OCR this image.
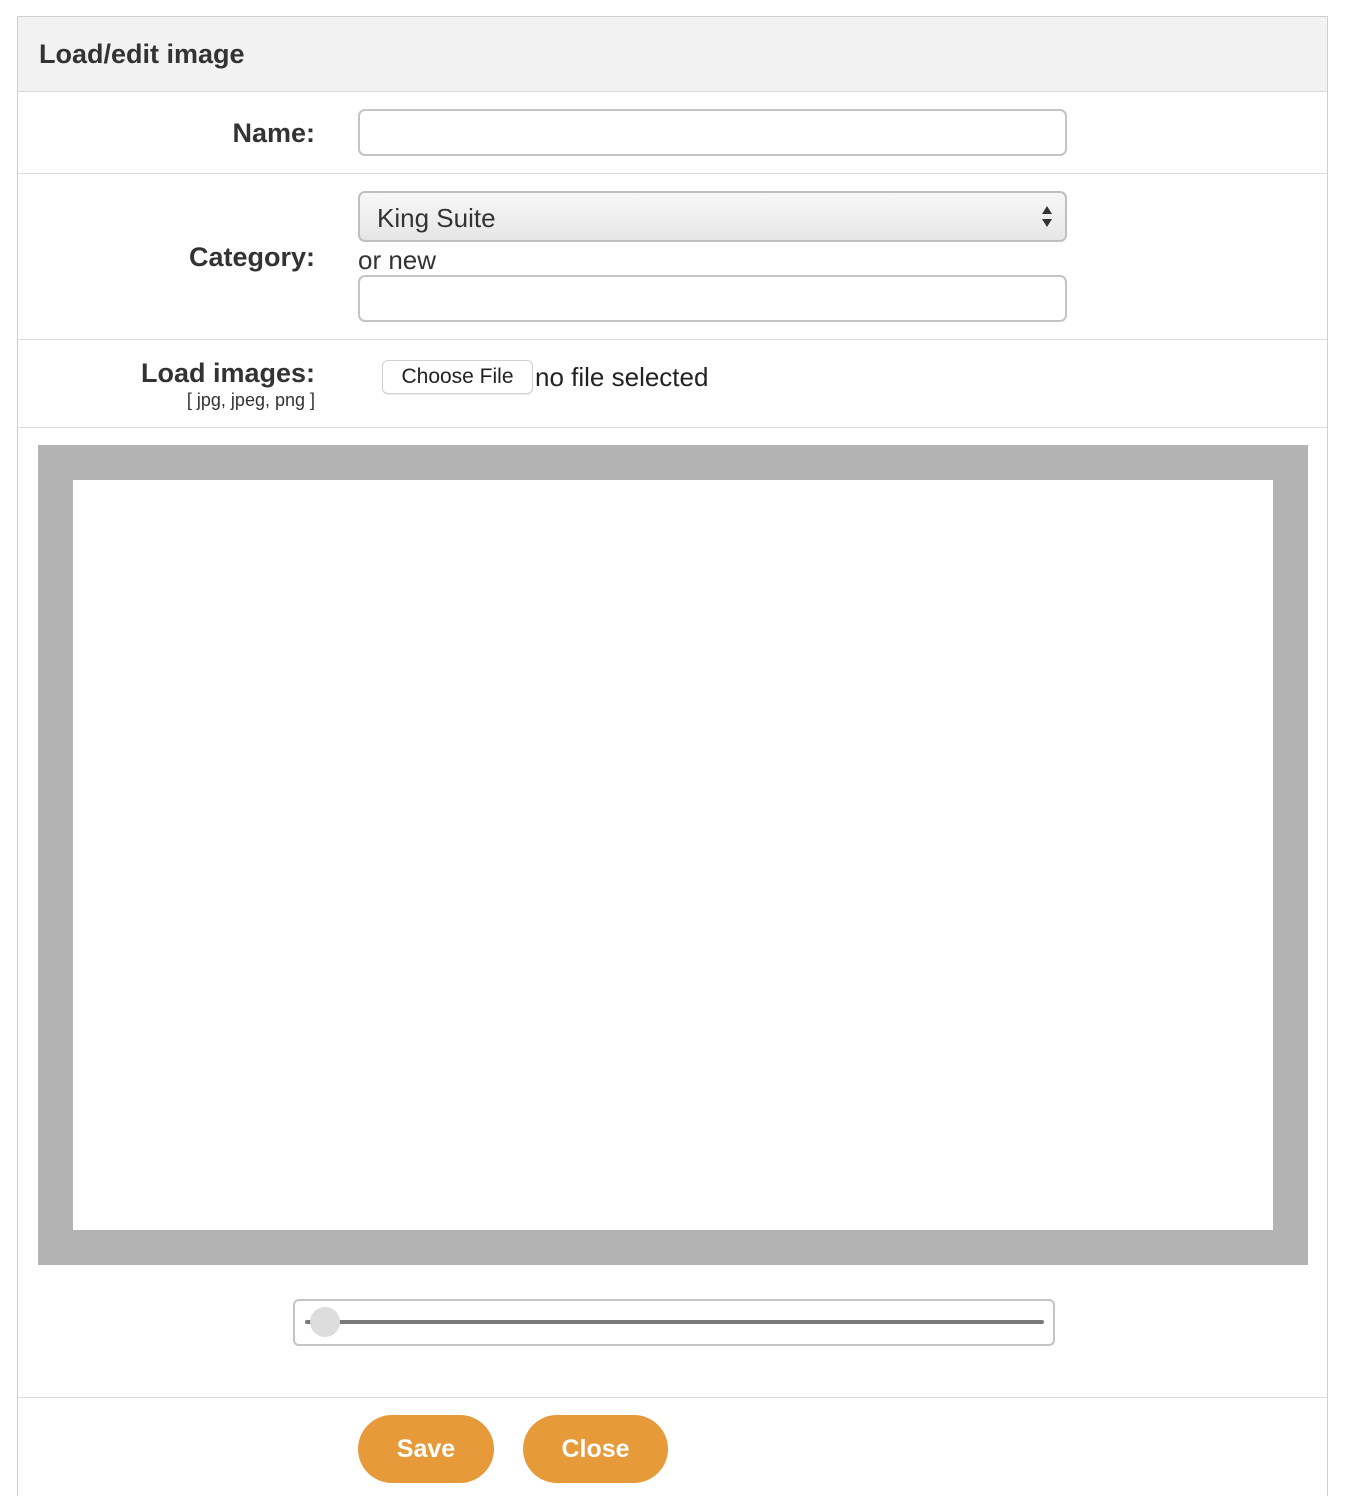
Load/edit image
Name:
Category:
King Suite
or new
Load images:
[ jpg, jpeg, png ]
Choose File no file selected
Save	Close
